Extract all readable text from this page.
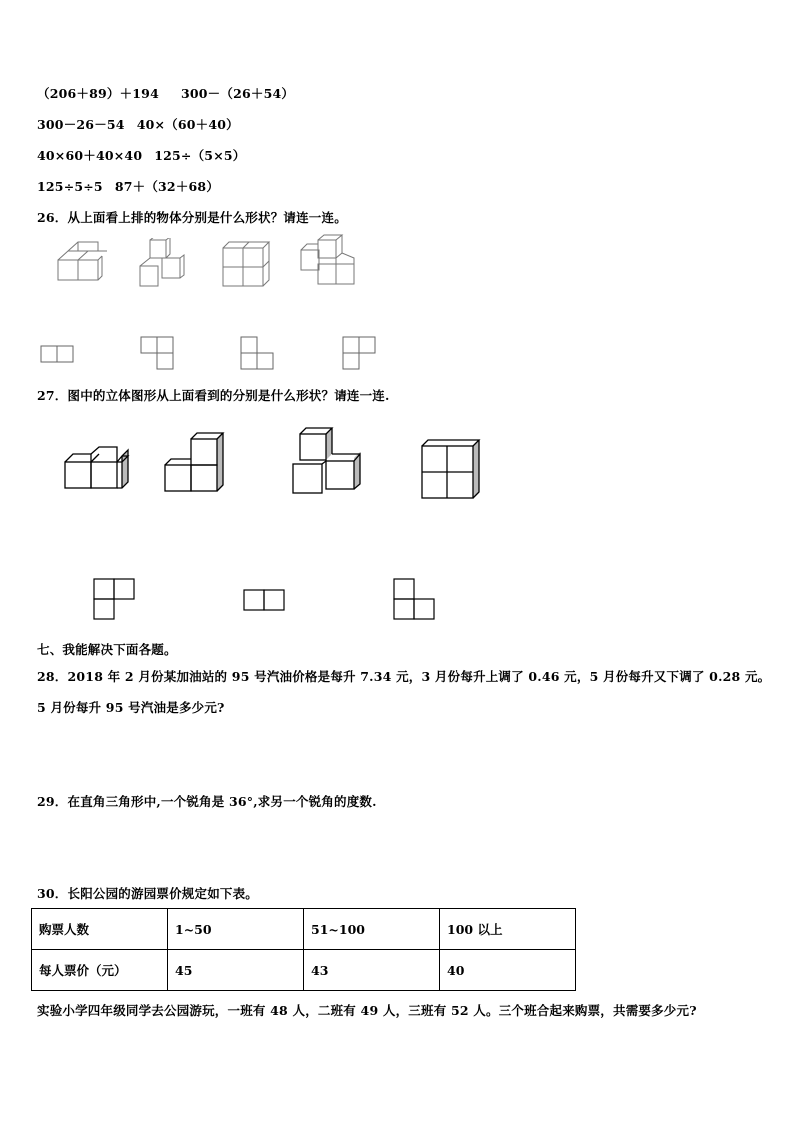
（206＋89）＋194 300－（26＋54）
300－26－54 40×（60＋40）
40×60＋40×40 125÷（5×5）
125÷5÷5 87＋（32＋68）
26．从上面看上排的物体分别是什么形状？请连一连。
27．图中的立体图形从上面看到的分别是什么形状？请连一连.
七、我能解决下面各题。
28．2018 年 2 月份某加油站的 95 号汽油价格是每升 7.34 元，3 月份每升上调了 0.46 元，5 月份每升又下调了 0.28 元。
5 月份每升 95 号汽油是多少元?
29．在直角三角形中,一个锐角是 36°,求另一个锐角的度数.
30．长阳公园的游园票价规定如下表。
购票人数	1~50	51~100	100 以上
每人票价（元）	45	43	40
实验小学四年级同学去公园游玩，一班有 48 人，二班有 49 人，三班有 52 人。三个班合起来购票，共需要多少元?
